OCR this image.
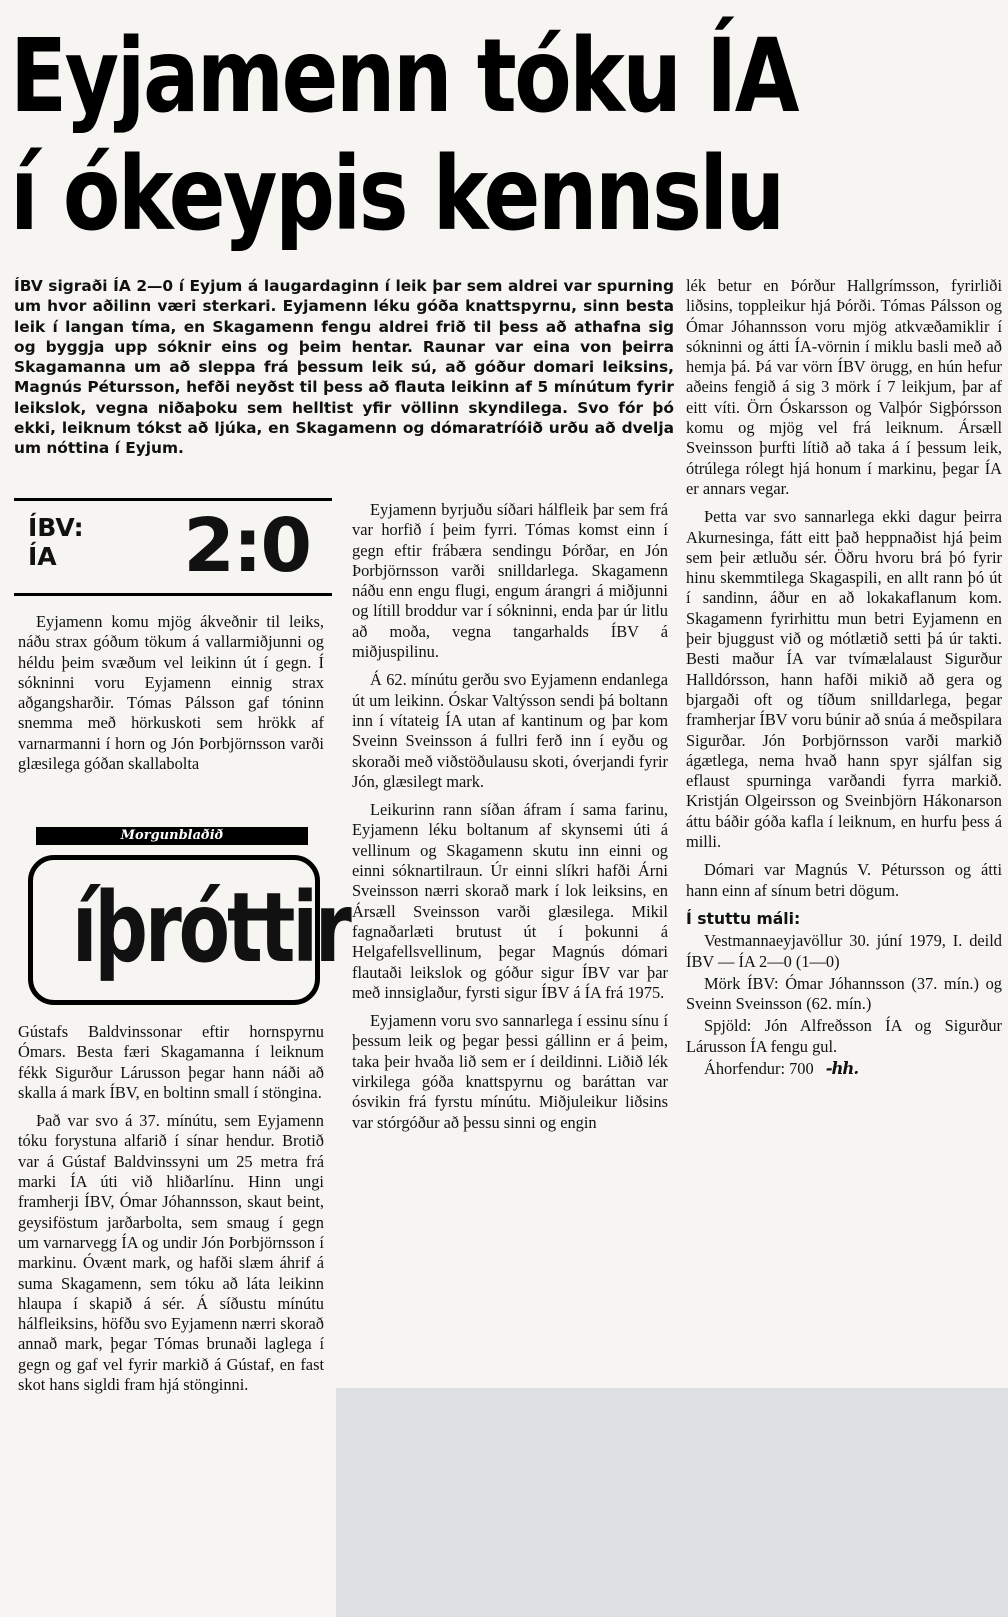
Eyjamenn tóku ÍA
í ókeypis kennslu
ÍBV sigraði ÍA 2—0 í Eyjum á laugardaginn í leik þar sem aldrei var spurning um hvor aðilinn væri sterkari. Eyjamenn léku góða knattspyrnu, sinn besta leik í langan tíma, en Skagamenn fengu aldrei frið til þess að athafna sig og byggja upp sóknir eins og þeim hentar. Raunar var eina von þeirra Skagamanna um að sleppa frá þessum leik sú, að góður domari leiksins, Magnús Pétursson, hefði neyðst til þess að flauta leikinn af 5 mínútum fyrir leikslok, vegna niðaþoku sem helltist yfir völlinn skyndilega. Svo fór þó ekki, leiknum tókst að ljúka, en Skagamenn og dómaratríóið urðu að dvelja um nóttina í Eyjum.
ÍBV:
ÍA	2:0

Eyjamenn komu mjög ákveðnir til leiks, náðu strax góðum tökum á vallarmiðjunni og héldu þeim svæðum vel leikinn út í gegn. Í sókninni voru Eyjamenn einnig strax aðgangsharðir. Tómas Pálsson gaf tóninn snemma með hörkuskoti sem hrökk af varnarmanni í horn og Jón Þorbjörnsson varði glæsilega góðan skallabolta

Morgunblaðið
íþróttir

Gústafs Baldvinssonar eftir hornspyrnu Ómars. Besta færi Skagamanna í leiknum fékk Sigurður Lárusson þegar hann náði að skalla á mark ÍBV, en boltinn small í stöngina.

Það var svo á 37. mínútu, sem Eyjamenn tóku forystuna alfarið í sínar hendur. Brotið var á Gústaf Baldvinssyni um 25 metra frá marki ÍA úti við hliðarlínu. Hinn ungi framherji ÍBV, Ómar Jóhannsson, skaut beint, geysiföstum jarðarbolta, sem smaug í gegn um varnarvegg ÍA og undir Jón Þorbjörnsson í markinu. Óvænt mark, og hafði slæm áhrif á suma Skagamenn, sem tóku að láta leikinn hlaupa í skapið á sér. Á síðustu mínútu hálfleiksins, höfðu svo Eyjamenn nærri skorað annað mark, þegar Tómas brunaði laglega í gegn og gaf vel fyrir markið á Gústaf, en fast skot hans sigldi fram hjá stönginni.

Eyjamenn byrjuðu síðari hálfleik þar sem frá var horfið í þeim fyrri. Tómas komst einn í gegn eftir frábæra sendingu Þórðar, en Jón Þorbjörnsson varði snilldarlega. Skagamenn náðu enn engu flugi, engum árangri á miðjunni og lítill broddur var í sókninni, enda þar úr litlu að moða, vegna tangarhalds ÍBV á miðjuspilinu.

Á 62. mínútu gerðu svo Eyjamenn endanlega út um leikinn. Óskar Valtýsson sendi þá boltann inn í vítateig ÍA utan af kantinum og þar kom Sveinn Sveinsson á fullri ferð inn í eyðu og skoraði með viðstöðulausu skoti, óverjandi fyrir Jón, glæsilegt mark.

Leikurinn rann síðan áfram í sama farinu, Eyjamenn léku boltanum af skynsemi úti á vellinum og Skagamenn skutu inn einni og einni sóknartilraun. Úr einni slíkri hafði Árni Sveinsson nærri skorað mark í lok leiksins, en Ársæll Sveinsson varði glæsilega. Mikil fagnaðarlæti brutust út í þokunni á Helgafellsvellinum, þegar Magnús dómari flautaði leikslok og góður sigur ÍBV var þar með innsiglaður, fyrsti sigur ÍBV á ÍA frá 1975.

Eyjamenn voru svo sannarlega í essinu sínu í þessum leik og þegar þessi gállinn er á þeim, taka þeir hvaða lið sem er í deildinni. Liðið lék virkilega góða knattspyrnu og baráttan var ósvikin frá fyrstu mínútu. Miðjuleikur liðsins var stórgóður að þessu sinni og engin

lék betur en Þórður Hallgrímsson, fyrirliði liðsins, toppleikur hjá Þórði. Tómas Pálsson og Ómar Jóhannsson voru mjög atkvæðamiklir í sókninni og átti ÍA-vörnin í miklu basli með að hemja þá. Þá var vörn ÍBV örugg, en hún hefur aðeins fengið á sig 3 mörk í 7 leikjum, þar af eitt víti. Örn Óskarsson og Valþór Sigþórsson komu og mjög vel frá leiknum. Ársæll Sveinsson þurfti lítið að taka á í þessum leik, ótrúlega rólegt hjá honum í markinu, þegar ÍA er annars vegar.

Þetta var svo sannarlega ekki dagur þeirra Akurnesinga, fátt eitt það heppnaðist hjá þeim sem þeir ætluðu sér. Öðru hvoru brá þó fyrir hinu skemmtilega Skagaspili, en allt rann þó út í sandinn, áður en að lokakaflanum kom. Skagamenn fyrirhittu mun betri Eyjamenn en þeir bjuggust við og mótlætið setti þá úr takti. Besti maður ÍA var tvímælalaust Sigurður Halldórsson, hann hafði mikið að gera og bjargaði oft og tíðum snilldarlega, þegar framherjar ÍBV voru búnir að snúa á meðspilara Sigurðar. Jón Þorbjörnsson varði markið ágætlega, nema hvað hann spyr sjálfan sig eflaust spurninga varðandi fyrra markið. Kristján Olgeirsson og Sveinbjörn Hákonarson áttu báðir góða kafla í leiknum, en hurfu þess á milli.

Dómari var Magnús V. Pétursson og átti hann einn af sínum betri dögum.

Í stuttu máli:

Vestmannaeyjavöllur 30. júní 1979, I. deild ÍBV — ÍA 2—0 (1—0)

Mörk ÍBV: Ómar Jóhannsson (37. mín.) og Sveinn Sveinsson (62. mín.)

Spjöld: Jón Alfreðsson ÍA og Sigurður Lárusson ÍA fengu gul.

Áhorfendur: 700 -hh.
